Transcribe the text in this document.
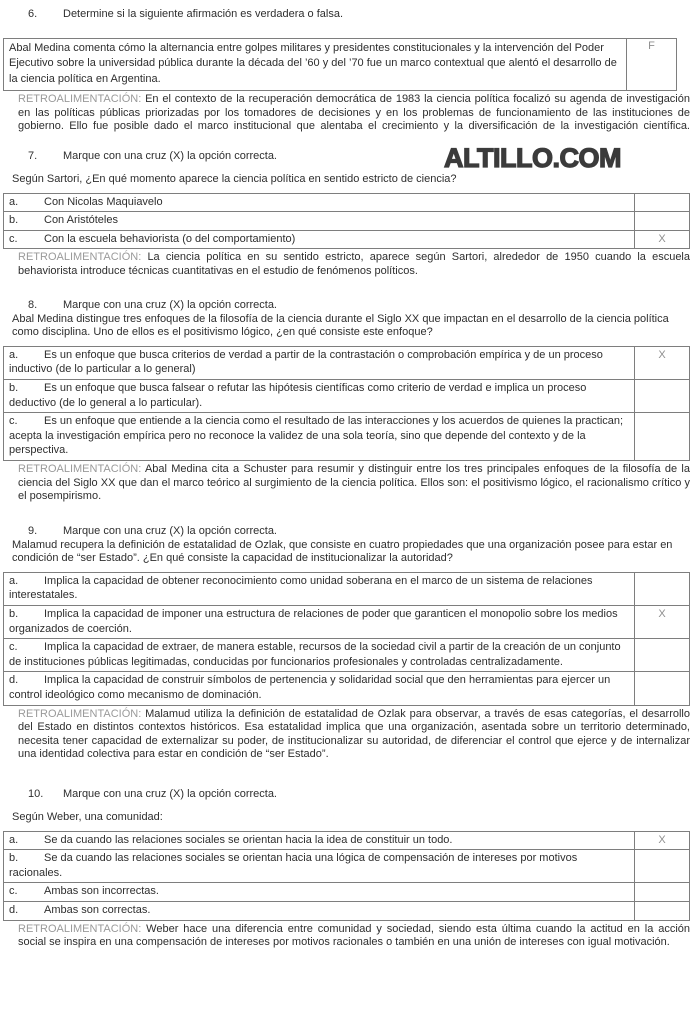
6. Determine si la siguiente afirmación es verdadera o falsa.
Abal Medina comenta cómo la alternancia entre golpes militares y presidentes constitucionales y la intervención del Poder Ejecutivo sobre la universidad pública durante la década del ’60 y del ’70 fue un marco contextual que alentó el desarrollo de la ciencia política en Argentina.	F

RETROALIMENTACIÓN: En el contexto de la recuperación democrática de 1983 la ciencia política focalizó su agenda de investigación en las políticas públicas priorizadas por los tomadores de decisiones y en los problemas de funcionamiento de las instituciones de gobierno. Ello fue posible dado el marco institucional que alentaba el crecimiento y la diversificación de la investigación científica.

7. Marque con una cruz (X) la opción correcta.

Según Sartori, ¿En qué momento aparece la ciencia política en sentido estricto de ciencia?

a. Con Nicolas Maquiavelo	
b. Con Aristóteles	
c. Con la escuela behaviorista (o del comportamiento)	X

RETROALIMENTACIÓN: La ciencia política en su sentido estricto, aparece según Sartori, alrededor de 1950 cuando la escuela behaviorista introduce técnicas cuantitativas en el estudio de fenómenos políticos.

8. Marque con una cruz (X) la opción correcta.

Abal Medina distingue tres enfoques de la filosofía de la ciencia durante el Siglo XX que impactan en el desarrollo de la ciencia política como disciplina. Uno de ellos es el positivismo lógico, ¿en qué consiste este enfoque?

a. Es un enfoque que busca criterios de verdad a partir de la contrastación o comprobación empírica y de un proceso inductivo (de lo particular a lo general)	X
b. Es un enfoque que busca falsear o refutar las hipótesis científicas como criterio de verdad e implica un proceso deductivo (de lo general a lo particular).	
c. Es un enfoque que entiende a la ciencia como el resultado de las interacciones y los acuerdos de quienes la practican; acepta la investigación empírica pero no reconoce la validez de una sola teoría, sino que depende del contexto y de la perspectiva.	

RETROALIMENTACIÓN: Abal Medina cita a Schuster para resumir y distinguir entre los tres principales enfoques de la filosofía de la ciencia del Siglo XX que dan el marco teórico al surgimiento de la ciencia política. Ellos son: el positivismo lógico, el racionalismo crítico y el posempirismo.

9. Marque con una cruz (X) la opción correcta.

Malamud recupera la definición de estatalidad de Ozlak, que consiste en cuatro propiedades que una organización posee para estar en condición de “ser Estado”. ¿En qué consiste la capacidad de institucionalizar la autoridad?

a. Implica la capacidad de obtener reconocimiento como unidad soberana en el marco de un sistema de relaciones interestatales.	
b. Implica la capacidad de imponer una estructura de relaciones de poder que garanticen el monopolio sobre los medios organizados de coerción.	X
c. Implica la capacidad de extraer, de manera estable, recursos de la sociedad civil a partir de la creación de un conjunto de instituciones públicas legitimadas, conducidas por funcionarios profesionales y controladas centralizadamente.	
d. Implica la capacidad de construir símbolos de pertenencia y solidaridad social que den herramientas para ejercer un control ideológico como mecanismo de dominación.	

RETROALIMENTACIÓN: Malamud utiliza la definición de estatalidad de Ozlak para observar, a través de esas categorías, el desarrollo del Estado en distintos contextos históricos. Esa estatalidad implica que una organización, asentada sobre un territorio determinado, necesita tener capacidad de externalizar su poder, de institucionalizar su autoridad, de diferenciar el control que ejerce y de internalizar una identidad colectiva para estar en condición de “ser Estado”.

10. Marque con una cruz (X) la opción correcta.

Según Weber, una comunidad:

a. Se da cuando las relaciones sociales se orientan hacia la idea de constituir un todo.	X
b. Se da cuando las relaciones sociales se orientan hacia una lógica de compensación de intereses por motivos racionales.	
c. Ambas son incorrectas.	
d. Ambas son correctas.	

RETROALIMENTACIÓN: Weber hace una diferencia entre comunidad y sociedad, siendo esta última cuando la actitud en la acción social se inspira en una compensación de intereses por motivos racionales o también en una unión de intereses con igual motivación.

ALTILLO.COM
